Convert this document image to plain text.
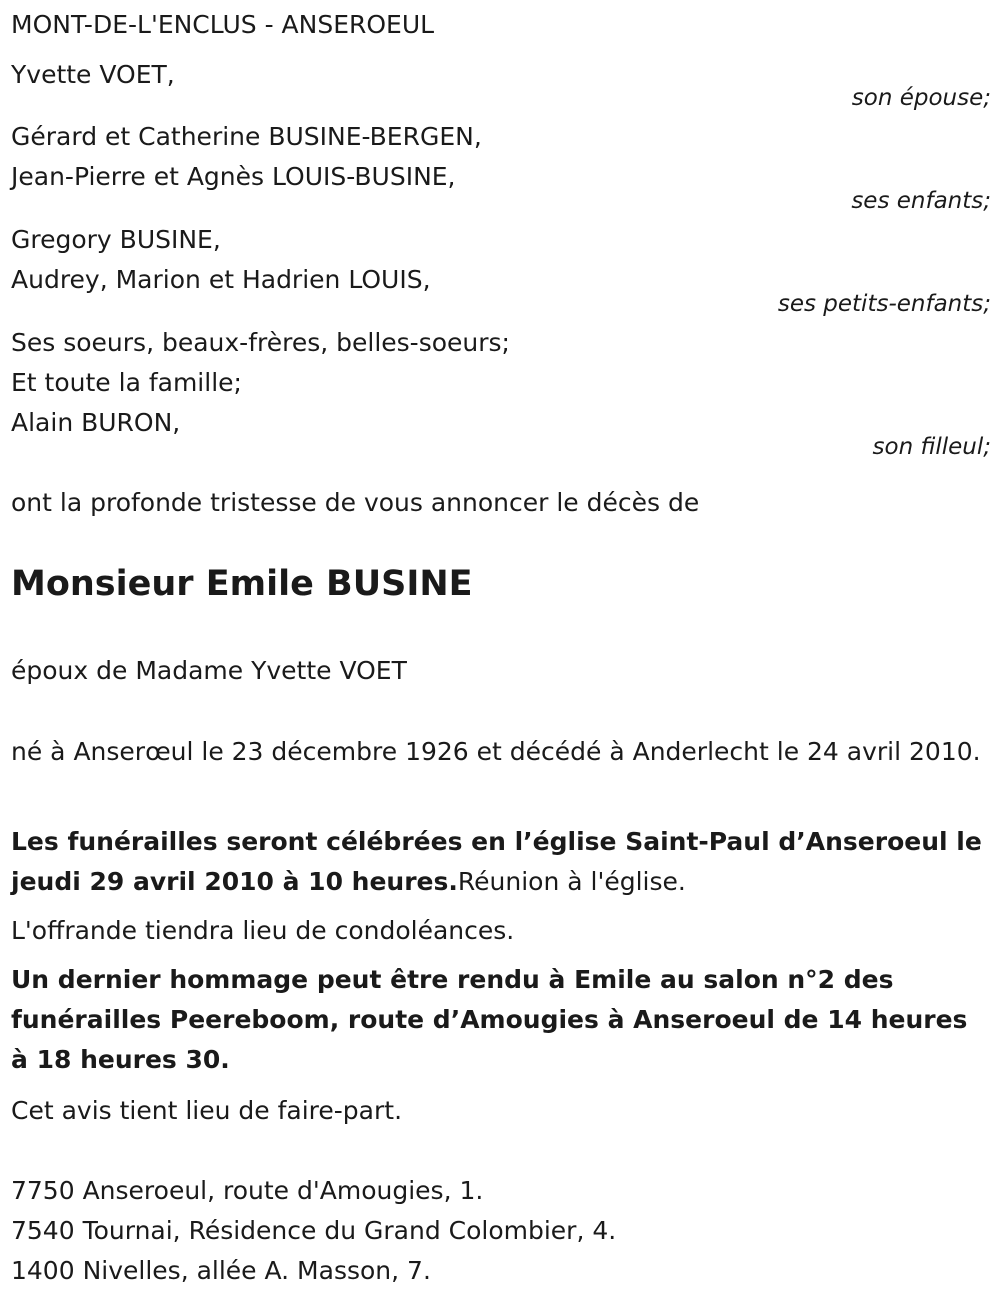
MONT-DE-L'ENCLUS - ANSEROEUL
Yvette VOET,
son épouse;
Gérard et Catherine BUSINE-BERGEN,
Jean-Pierre et Agnès LOUIS-BUSINE,
ses enfants;
Gregory BUSINE,
Audrey, Marion et Hadrien LOUIS,
ses petits-enfants;
Ses soeurs, beaux-frères, belles-soeurs;
Et toute la famille;
Alain BURON,
son filleul;
ont la profonde tristesse de vous annoncer le décès de
Monsieur Emile BUSINE
époux de Madame Yvette VOET
né à Anserœul le 23 décembre 1926 et décédé à Anderlecht le 24 avril 2010.
Les funérailles seront célébrées en l’église Saint-Paul d’Anseroeul le jeudi 29 avril 2010 à 10 heures.Réunion à l'église.
L'offrande tiendra lieu de condoléances.
Un dernier hommage peut être rendu à Emile au salon n°2 des funérailles Peereboom, route d’Amougies à Anseroeul de 14 heures à 18 heures 30.
Cet avis tient lieu de faire-part.
7750 Anseroeul, route d'Amougies, 1.
7540 Tournai, Résidence du Grand Colombier, 4.
1400 Nivelles, allée A. Masson, 7.
